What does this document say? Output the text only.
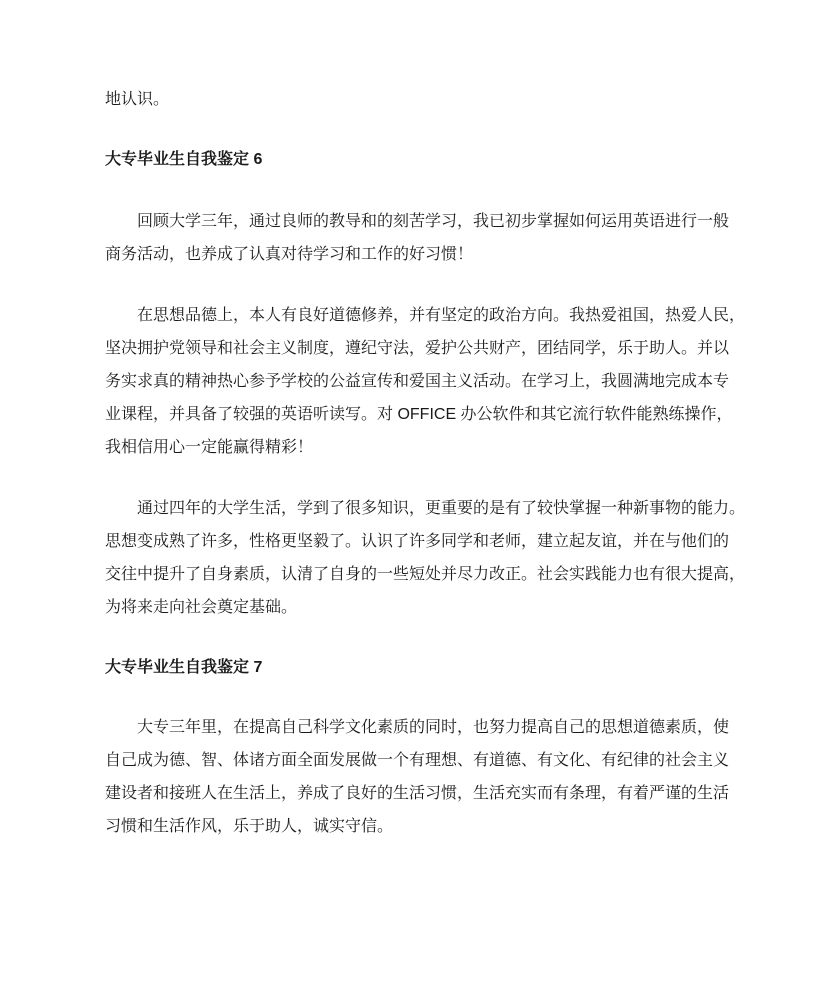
地认识。
大专毕业生自我鉴定 6
回顾大学三年，通过良师的教导和的刻苦学习，我已初步掌握如何运用英语进行一般
商务活动，也养成了认真对待学习和工作的好习惯！
在思想品德上，本人有良好道德修养，并有坚定的政治方向。我热爱祖国，热爱人民，
坚决拥护党领导和社会主义制度，遵纪守法，爱护公共财产，团结同学，乐于助人。并以
务实求真的精神热心参予学校的公益宣传和爱国主义活动。在学习上，我圆满地完成本专
业课程，并具备了较强的英语听读写。对 OFFICE 办公软件和其它流行软件能熟练操作，
我相信用心一定能赢得精彩！
通过四年的大学生活，学到了很多知识，更重要的是有了较快掌握一种新事物的能力。
思想变成熟了许多，性格更坚毅了。认识了许多同学和老师，建立起友谊，并在与他们的
交往中提升了自身素质，认清了自身的一些短处并尽力改正。社会实践能力也有很大提高，
为将来走向社会奠定基础。
大专毕业生自我鉴定 7
大专三年里，在提高自己科学文化素质的同时，也努力提高自己的思想道德素质，使
自己成为德、智、体诸方面全面发展做一个有理想、有道德、有文化、有纪律的社会主义
建设者和接班人在生活上，养成了良好的生活习惯，生活充实而有条理，有着严谨的生活
习惯和生活作风，乐于助人，诚实守信。
